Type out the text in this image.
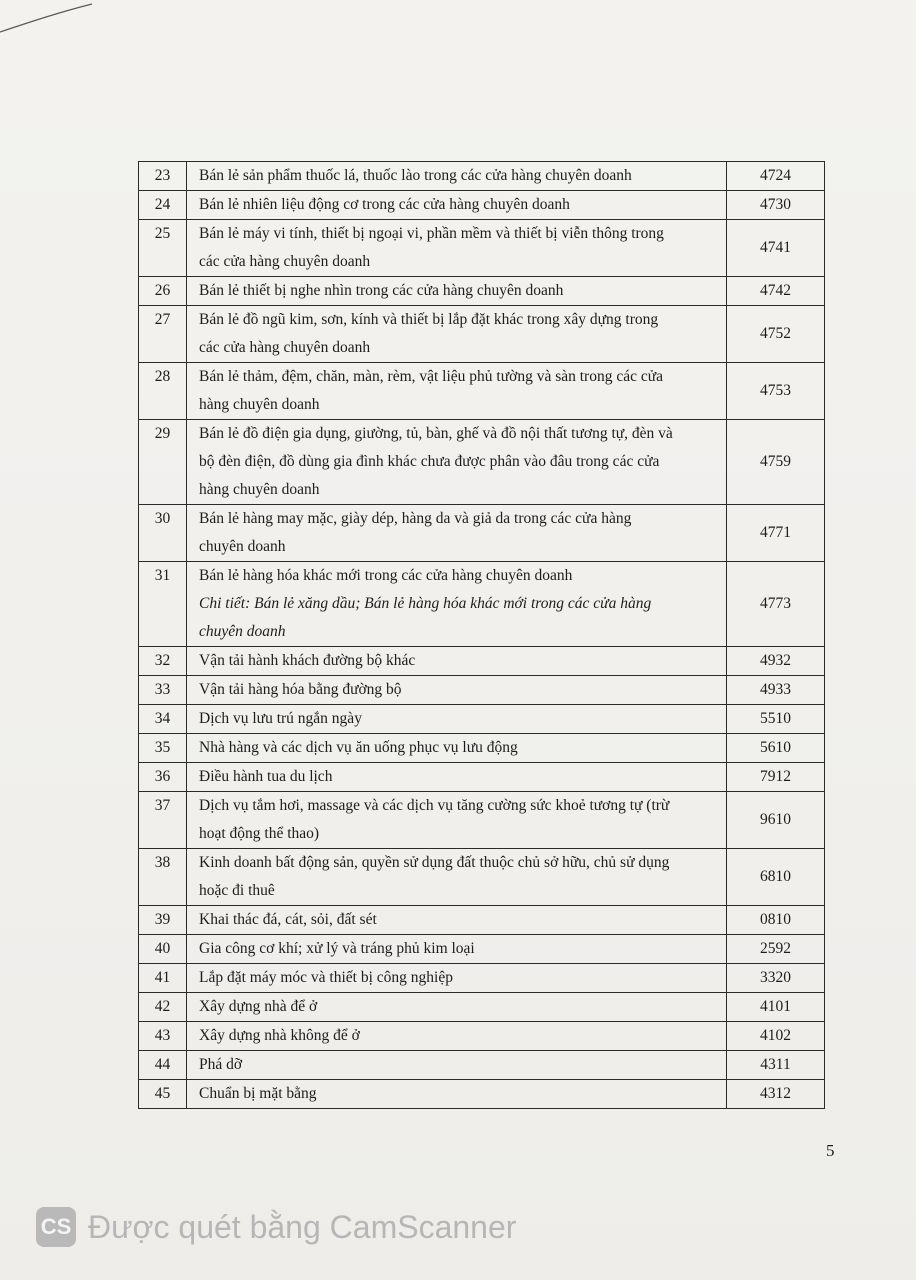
23	Bán lẻ sản phẩm thuốc lá, thuốc lào trong các cửa hàng chuyên doanh	4724
24	Bán lẻ nhiên liệu động cơ trong các cửa hàng chuyên doanh	4730
25	Bán lẻ máy vi tính, thiết bị ngoại vi, phần mềm và thiết bị viễn thông trong
các cửa hàng chuyên doanh	4741
26	Bán lẻ thiết bị nghe nhìn trong các cửa hàng chuyên doanh	4742
27	Bán lẻ đồ ngũ kim, sơn, kính và thiết bị lắp đặt khác trong xây dựng trong
các cửa hàng chuyên doanh	4752
28	Bán lẻ thảm, đệm, chăn, màn, rèm, vật liệu phủ tường và sàn trong các cửa
hàng chuyên doanh	4753
29	Bán lẻ đồ điện gia dụng, giường, tủ, bàn, ghế và đồ nội thất tương tự, đèn và
bộ đèn điện, đồ dùng gia đình khác chưa được phân vào đâu trong các cửa
hàng chuyên doanh	4759
30	Bán lẻ hàng may mặc, giày dép, hàng da và giả da trong các cửa hàng
chuyên doanh	4771
31	Bán lẻ hàng hóa khác mới trong các cửa hàng chuyên doanh
Chi tiết: Bán lẻ xăng dầu; Bán lẻ hàng hóa khác mới trong các cửa hàng
chuyên doanh	4773
32	Vận tải hành khách đường bộ khác	4932
33	Vận tải hàng hóa bằng đường bộ	4933
34	Dịch vụ lưu trú ngắn ngày	5510
35	Nhà hàng và các dịch vụ ăn uống phục vụ lưu động	5610
36	Điều hành tua du lịch	7912
37	Dịch vụ tắm hơi, massage và các dịch vụ tăng cường sức khoẻ tương tự (trừ
hoạt động thể thao)	9610
38	Kinh doanh bất động sản, quyền sử dụng đất thuộc chủ sở hữu, chủ sử dụng
hoặc đi thuê	6810
39	Khai thác đá, cát, sỏi, đất sét	0810
40	Gia công cơ khí; xử lý và tráng phủ kim loại	2592
41	Lắp đặt máy móc và thiết bị công nghiệp	3320
42	Xây dựng nhà để ở	4101
43	Xây dựng nhà không để ở	4102
44	Phá dỡ	4311
45	Chuẩn bị mặt bằng	4312
5
CS Được quét bằng CamScanner
